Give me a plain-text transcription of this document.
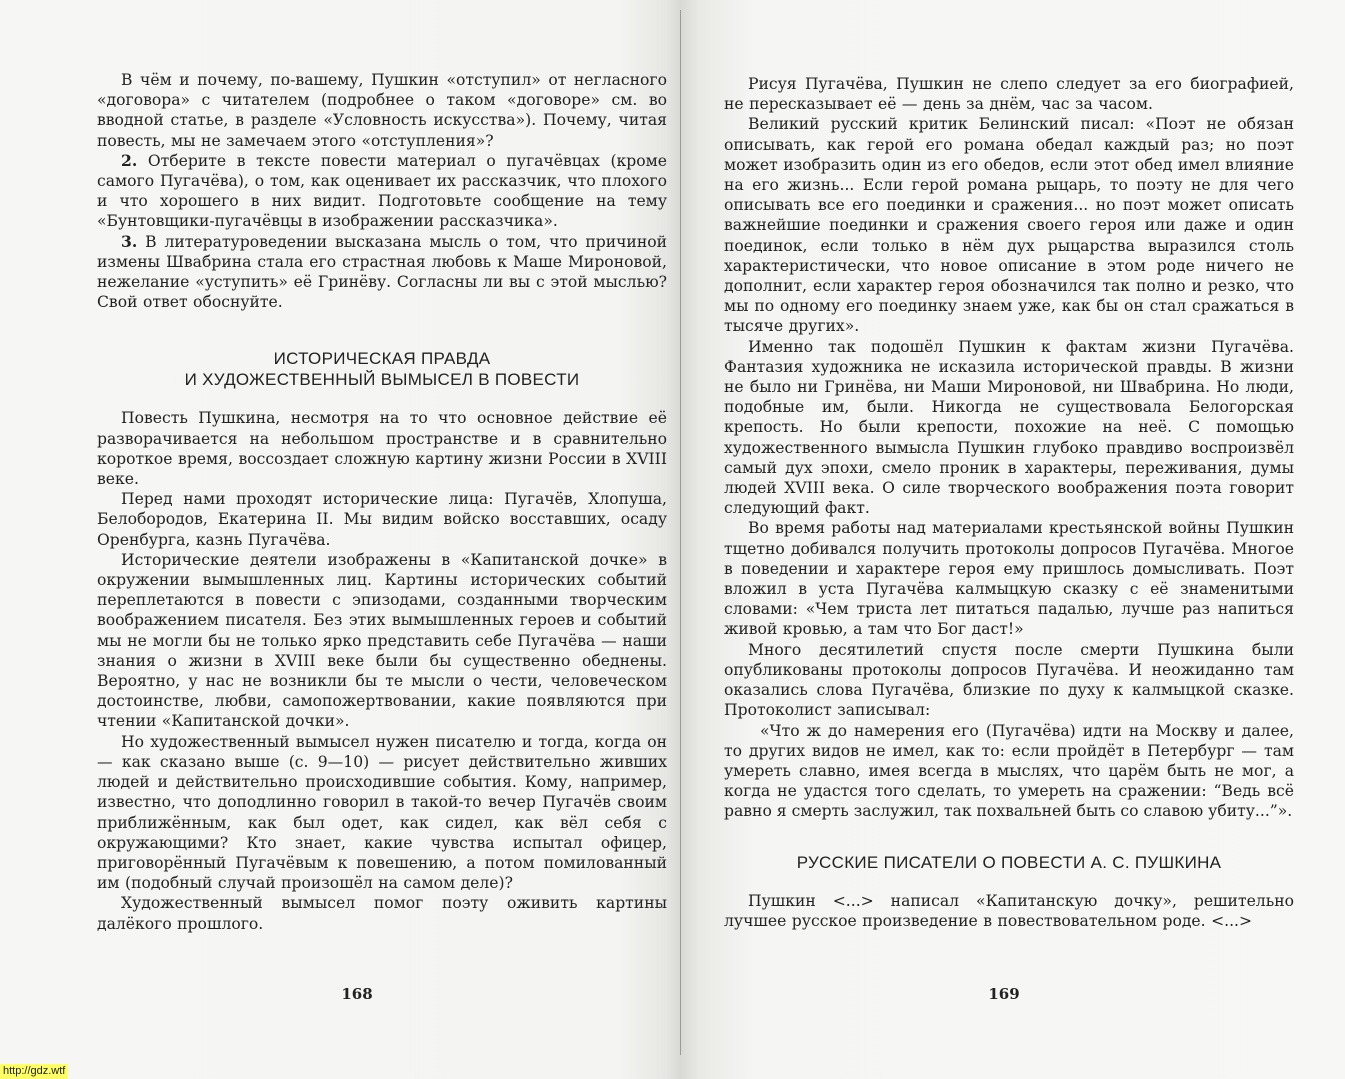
В чём и почему, по-вашему, Пушкин «отступил» от негласного «договора» с читателем (подробнее о таком «договоре» см. во вводной статье, в разделе «Условность искусства»). Почему, читая повесть, мы не замечаем этого «отступления»?

2. Отберите в тексте повести материал о пугачёвцах (кроме самого Пугачёва), о том, как оценивает их рассказчик, что плохого и что хорошего в них видит. Подготовьте сообщение на тему «Бунтовщики-пугачёвцы в изображении рассказчика».

3. В литературоведении высказана мысль о том, что причиной измены Швабрина стала его страстная любовь к Маше Мироновой, нежелание «уступить» её Гринёву. Согласны ли вы с этой мыслью? Свой ответ обоснуйте.

ИСТОРИЧЕСКАЯ ПРАВДА
И ХУДОЖЕСТВЕННЫЙ ВЫМЫСЕЛ В ПОВЕСТИ

Повесть Пушкина, несмотря на то что основное действие её разворачивается на небольшом пространстве и в сравнительно короткое время, воссоздает сложную картину жизни России в XVIII веке.

Перед нами проходят исторические лица: Пугачёв, Хлопуша, Белобородов, Екатерина II. Мы видим войско восставших, осаду Оренбурга, казнь Пугачёва.

Исторические деятели изображены в «Капитанской дочке» в окружении вымышленных лиц. Картины исторических событий переплетаются в повести с эпизодами, созданными творческим воображением писателя. Без этих вымышленных героев и событий мы не могли бы не только ярко представить себе Пугачёва — наши знания о жизни в XVIII веке были бы существенно обеднены. Вероятно, у нас не возникли бы те мысли о чести, человеческом достоинстве, любви, самопожертвовании, какие появляются при чтении «Капитанской дочки».

Но художественный вымысел нужен писателю и тогда, когда он — как сказано выше (с. 9—10) — рисует действительно живших людей и действительно происходившие события. Кому, например, известно, что доподлинно говорил в такой-то вечер Пугачёв своим приближённым, как был одет, как сидел, как вёл себя с окружающими? Кто знает, какие чувства испытал офицер, приговорённый Пугачёвым к повешению, а потом помилованный им (подобный случай произошёл на самом деле)?

Художественный вымысел помог поэту оживить картины далёкого прошлого.

168

Рисуя Пугачёва, Пушкин не слепо следует за его биографией, не пересказывает её — день за днём, час за часом.

Великий русский критик Белинский писал: «Поэт не обязан описывать, как герой его романа обедал каждый раз; но поэт может изобразить один из его обедов, если этот обед имел влияние на его жизнь... Если герой романа рыцарь, то поэту не для чего описывать все его поединки и сражения... но поэт может описать важнейшие поединки и сражения своего героя или даже и один поединок, если только в нём дух рыцарства выразился столь характеристически, что новое описание в этом роде ничего не дополнит, если характер героя обозначился так полно и резко, что мы по одному его поединку знаем уже, как бы он стал сражаться в тысяче других».

Именно так подошёл Пушкин к фактам жизни Пугачёва. Фантазия художника не исказила исторической правды. В жизни не было ни Гринёва, ни Маши Мироновой, ни Швабрина. Но люди, подобные им, были. Никогда не существовала Белогорская крепость. Но были крепости, похожие на неё. С помощью художественного вымысла Пушкин глубоко правдиво воспроизвёл самый дух эпохи, смело проник в характеры, переживания, думы людей XVIII века. О силе творческого воображения поэта говорит следующий факт.

Во время работы над материалами крестьянской войны Пушкин тщетно добивался получить протоколы допросов Пугачёва. Многое в поведении и характере героя ему пришлось домысливать. Поэт вложил в уста Пугачёва калмыцкую сказку с её знаменитыми словами: «Чем триста лет питаться падалью, лучше раз напиться живой кровью, а там что Бог даст!»

Много десятилетий спустя после смерти Пушкина были опубликованы протоколы допросов Пугачёва. И неожиданно там оказались слова Пугачёва, близкие по духу к калмыцкой сказке. Протоколист записывал:

«Что ж до намерения его (Пугачёва) идти на Москву и далее, то других видов не имел, как то: если пройдёт в Петербург — там умереть славно, имея всегда в мыслях, что царём быть не мог, а когда не удастся того сделать, то умереть на сражении: “Ведь всё равно я смерть заслужил, так похвальней быть со славою убиту...”».

РУССКИЕ ПИСАТЕЛИ О ПОВЕСТИ А. С. ПУШКИНА

Пушкин <...> написал «Капитанскую дочку», решительно лучшее русское произведение в повествовательном роде. <...>

169
http://gdz.wtf
